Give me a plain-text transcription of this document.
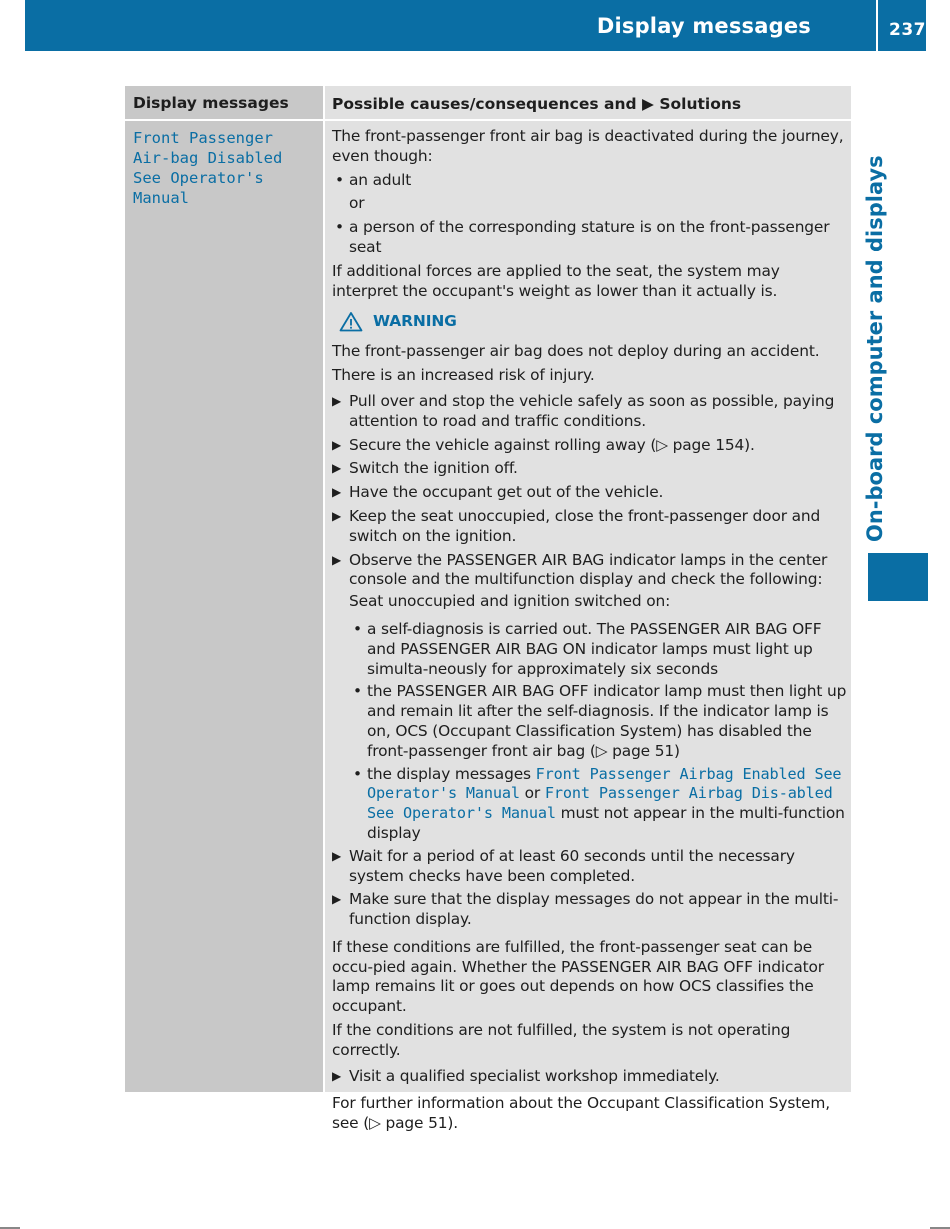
Display messages	237
On-board computer and displays
Display messages	Possible causes/consequences and ▶ Solutions
Front Passenger Air-bag Disabled See Operator's Manual

The front-passenger front air bag is deactivated during the journey, even though:

• an adult
or
• a person of the corresponding stature is on the front-passenger seat

If additional forces are applied to the seat, the system may interpret the occupant's weight as lower than it actually is.

WARNING

The front-passenger air bag does not deploy during an accident.

There is an increased risk of injury.

▶ Pull over and stop the vehicle safely as soon as possible, paying attention to road and traffic conditions.
▶ Secure the vehicle against rolling away (▷ page 154).
▶ Switch the ignition off.
▶ Have the occupant get out of the vehicle.
▶ Keep the seat unoccupied, close the front-passenger door and switch on the ignition.
▶ Observe the PASSENGER AIR BAG indicator lamps in the center console and the multifunction display and check the following:
Seat unoccupied and ignition switched on:
• a self-diagnosis is carried out. The PASSENGER AIR BAG OFF and PASSENGER AIR BAG ON indicator lamps must light up simulta-neously for approximately six seconds
• the PASSENGER AIR BAG OFF indicator lamp must then light up and remain lit after the self-diagnosis. If the indicator lamp is on, OCS (Occupant Classification System) has disabled the front-passenger front air bag (▷ page 51)
• the display messages Front Passenger Airbag Enabled See Operator's Manual or Front Passenger Airbag Dis-abled See Operator's Manual must not appear in the multi-function display
▶ Wait for a period of at least 60 seconds until the necessary system checks have been completed.
▶ Make sure that the display messages do not appear in the multi-function display.

If these conditions are fulfilled, the front-passenger seat can be occu-pied again. Whether the PASSENGER AIR BAG OFF indicator lamp remains lit or goes out depends on how OCS classifies the occupant.

If the conditions are not fulfilled, the system is not operating correctly.

▶ Visit a qualified specialist workshop immediately.

For further information about the Occupant Classification System, see (▷ page 51).
